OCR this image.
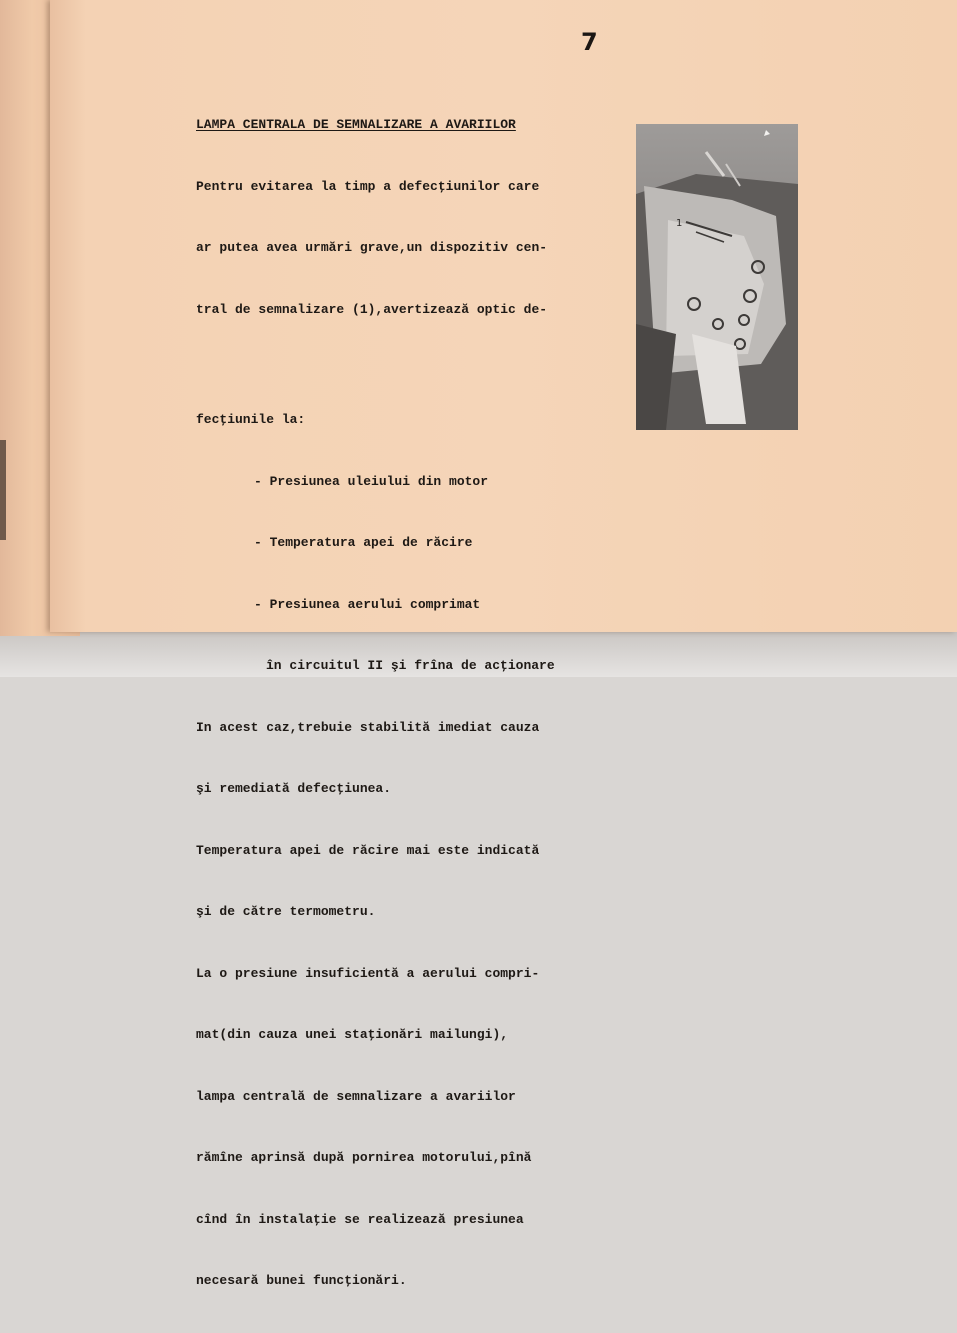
7

LAMPA CENTRALA DE SEMNALIZARE A AVARIILOR

Pentru evitarea la timp a defecţiunilor care

ar putea avea urmări grave,un dispozitiv cen-

tral de semnalizare (1),avertizează optic de-

fecţiunile la:

- Presiunea uleiului din motor

- Temperatura apei de răcire

- Presiunea aerului comprimat

în circuitul II şi frîna de acţionare

In acest caz,trebuie stabilită imediat cauza

şi remediată defecţiunea.

Temperatura apei de răcire mai este indicată

şi de către termometru.

La o presiune insuficientă a aerului compri-

mat(din cauza unei staţionări mailungi),

lampa centrală de semnalizare a avariilor

rămîne aprinsă după pornirea motorului,pînă

cînd în instalaţie se realizează presiunea

necesară bunei funcţionări.

1
